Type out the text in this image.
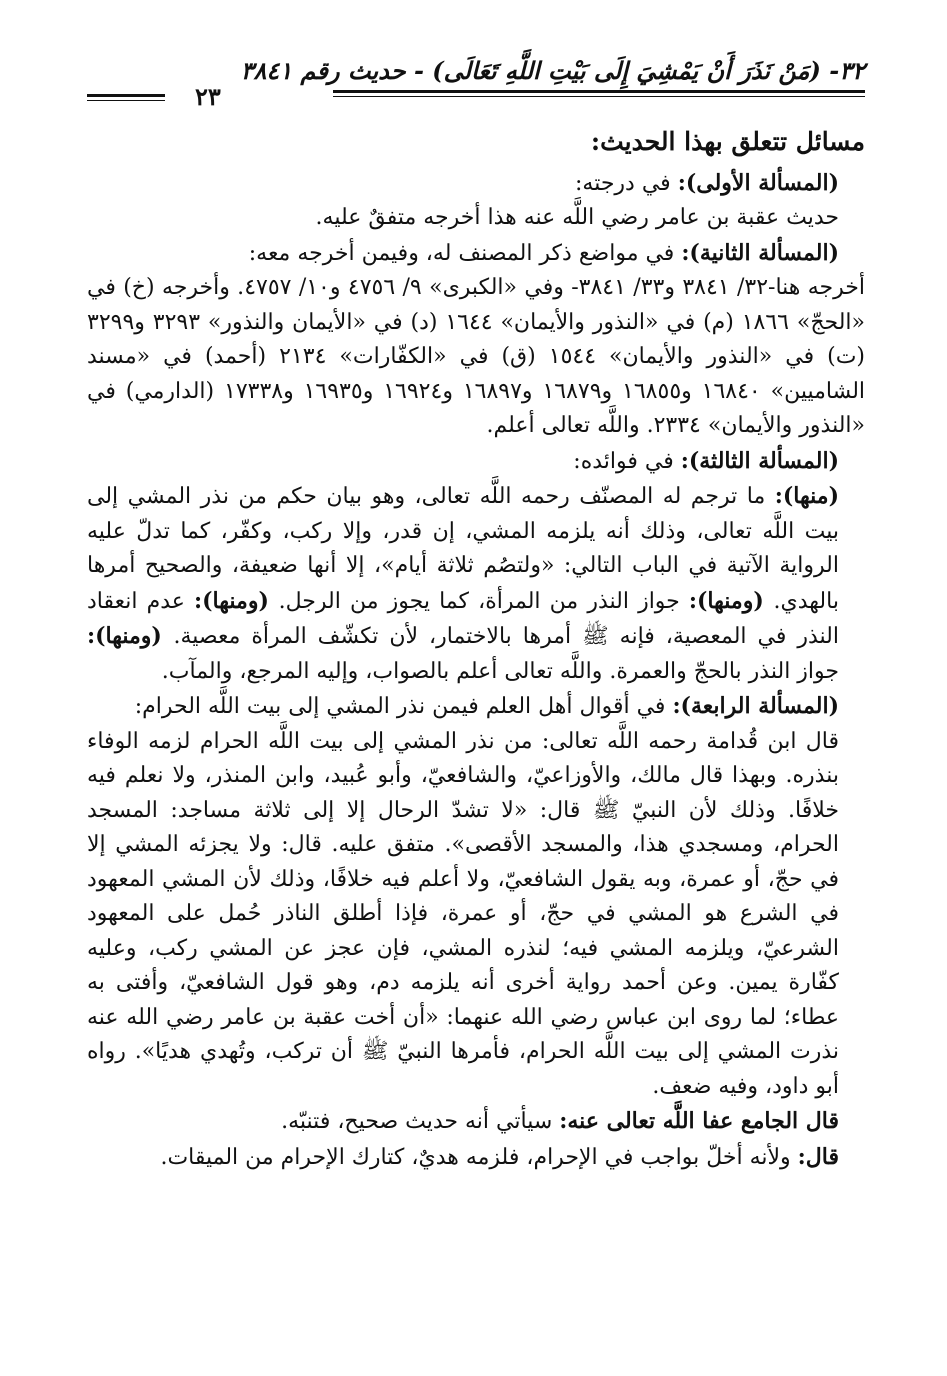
٣٢- (مَنْ نَذَرَ أَنْ يَمْشِيَ إِلَى بَيْتِ اللَّهِ تَعَالَى) - حديث رقم ٣٨٤١
٢٣

مسائل تتعلق بهذا الحديث:

(المسألة الأولى): في درجته:

حديث عقبة بن عامر رضي اللَّه عنه هذا أخرجه متفقٌ عليه.

(المسألة الثانية): في مواضع ذكر المصنف له، وفيمن أخرجه معه:

أخرجه هنا-٣٢/ ٣٨٤١ و٣٣/ ٣٨٤١- وفي «الكبرى» ٩/ ٤٧٥٦ و١٠/ ٤٧٥٧. وأخرجه (خ) في «الحجّ» ١٨٦٦ (م) في «النذور والأيمان» ١٦٤٤ (د) في «الأيمان والنذور» ٣٢٩٣ و٣٢٩٩ (ت) في «النذور والأيمان» ١٥٤٤ (ق) في «الكفّارات» ٢١٣٤ (أحمد) في «مسند الشاميين» ١٦٨٤٠ و١٦٨٥٥ و١٦٨٧٩ و١٦٨٩٧ و١٦٩٢٤ و١٦٩٣٥ و١٧٣٣٨ (الدارمي) في «النذور والأيمان» ٢٣٣٤. واللَّه تعالى أعلم.

(المسألة الثالثة): في فوائده:

(منها): ما ترجم له المصنّف رحمه اللَّه تعالى، وهو بيان حكم من نذر المشي إلى بيت اللَّه تعالى، وذلك أنه يلزمه المشي، إن قدر، وإلا ركب، وكفّر، كما تدلّ عليه الرواية الآتية في الباب التالي: «ولتصُم ثلاثة أيام»، إلا أنها ضعيفة، والصحيح أمرها بالهدي. (ومنها): جواز النذر من المرأة، كما يجوز من الرجل. (ومنها): عدم انعقاد النذر في المعصية، فإنه ﷺ أمرها بالاختمار، لأن تكشّف المرأة معصية. (ومنها): جواز النذر بالحجّ والعمرة. واللَّه تعالى أعلم بالصواب، وإليه المرجع، والمآب.

(المسألة الرابعة): في أقوال أهل العلم فيمن نذر المشي إلى بيت اللَّه الحرام:

قال ابن قُدامة رحمه اللَّه تعالى: من نذر المشي إلى بيت اللَّه الحرام لزمه الوفاء بنذره. وبهذا قال مالك، والأوزاعيّ، والشافعيّ، وأبو عُبيد، وابن المنذر، ولا نعلم فيه خلافًا. وذلك لأن النبيّ ﷺ قال: «لا تشدّ الرحال إلا إلى ثلاثة مساجد: المسجد الحرام، ومسجدي هذا، والمسجد الأقصى». متفق عليه. قال: ولا يجزئه المشي إلا في حجّ، أو عمرة، وبه يقول الشافعيّ، ولا أعلم فيه خلافًا، وذلك لأن المشي المعهود في الشرع هو المشي في حجّ، أو عمرة، فإذا أطلق الناذر حُمل على المعهود الشرعيّ، ويلزمه المشي فيه؛ لنذره المشي، فإن عجز عن المشي ركب، وعليه كفّارة يمين. وعن أحمد رواية أخرى أنه يلزمه دم، وهو قول الشافعيّ، وأفتى به عطاء؛ لما روى ابن عباس رضي الله عنهما: «أن أخت عقبة بن عامر رضي الله عنه نذرت المشي إلى بيت اللَّه الحرام، فأمرها النبيّ ﷺ أن تركب، وتُهدي هديًا». رواه أبو داود، وفيه ضعف.

قال الجامع عفا اللَّه تعالى عنه: سيأتي أنه حديث صحيح، فتنبّه.

قال: ولأنه أخلّ بواجب في الإحرام، فلزمه هديٌ، كتارك الإحرام من الميقات.
